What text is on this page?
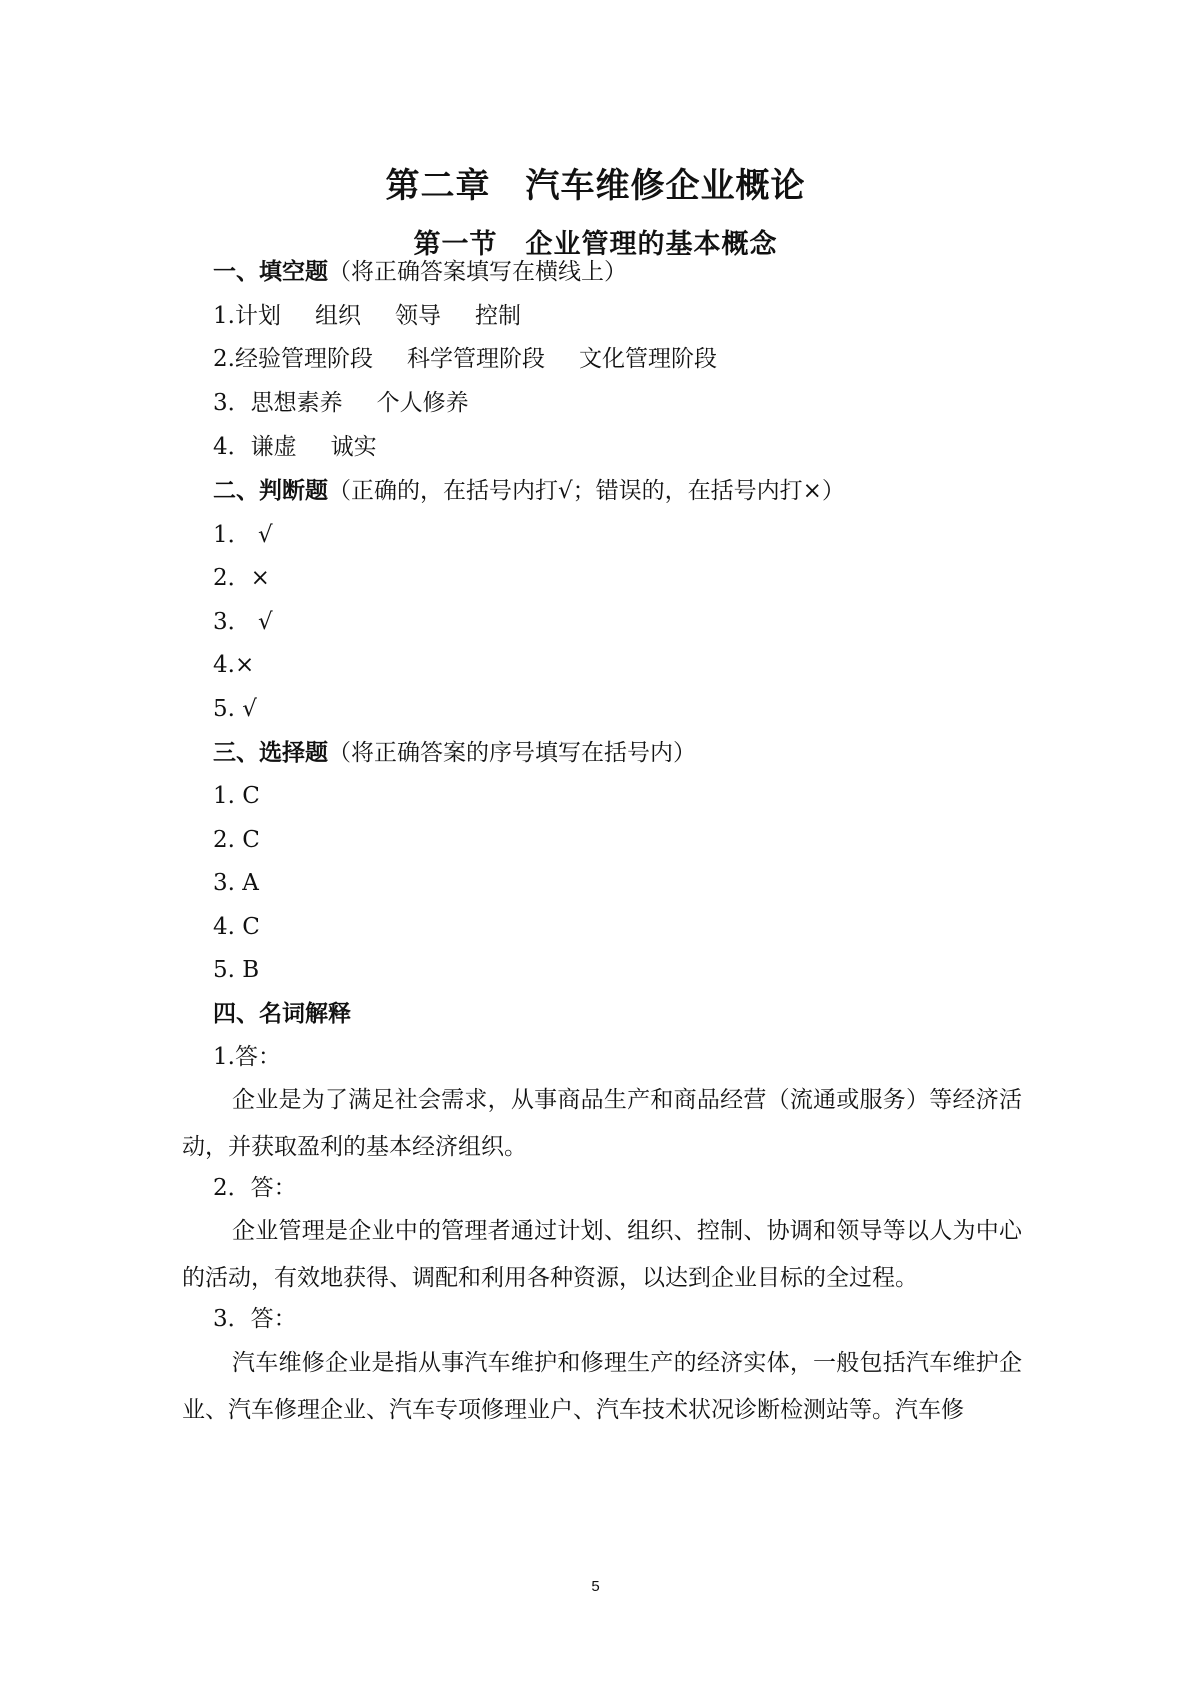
第二章　汽车维修企业概论
第一节　企业管理的基本概念

一、填空题（将正确答案填写在横线上）

1.计划 组织 领导 控制

2.经验管理阶段 科学管理阶段 文化管理阶段

3．思想素养 个人修养

4．谦虚 诚实

二、判断题（正确的，在括号内打√；错误的，在括号内打×）

1． √

2．×

3． √

4.×

5. √

三、选择题（将正确答案的序号填写在括号内）

1. C

2. C

3. A

4. C

5. B

四、名词解释

1.答：

企业是为了满足社会需求，从事商品生产和商品经营（流通或服务）等经济活动，并获取盈利的基本经济组织。

2．答：

企业管理是企业中的管理者通过计划、组织、控制、协调和领导等以人为中心的活动，有效地获得、调配和利用各种资源，以达到企业目标的全过程。

3．答：

汽车维修企业是指从事汽车维护和修理生产的经济实体，一般包括汽车维护企业、汽车修理企业、汽车专项修理业户、汽车技术状况诊断检测站等。汽车修

5
